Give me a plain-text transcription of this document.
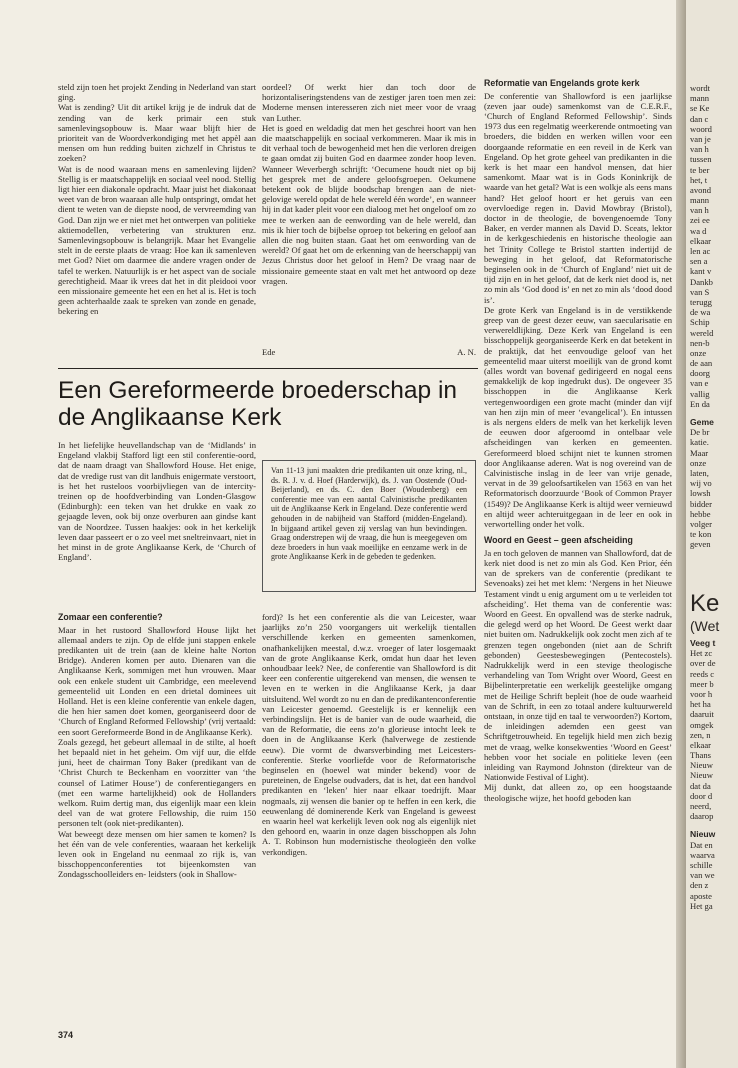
steld zijn toen het projekt Zending in Nederland van start ging.

Wat is zending? Uit dit artikel krijg je de indruk dat de zending van de kerk primair een stuk samenlevingsopbouw is. Maar waar blijft hier de prioriteit van de Woordverkondiging met het appèl aan mensen om hun redding buiten zichzelf in Christus te zoeken?

Wat is de nood waaraan mens en samenleving lijden? Stellig is er maatschappelijk en sociaal veel nood. Stellig ligt hier een diakonale opdracht. Maar juist het diakonaat weet van de bron waaraan alle hulp ontspringt, omdat het dient te weten van de diepste nood, de vervreemding van God. Dan zijn we er niet met het ontwerpen van politieke aktiemodellen, verbetering van strukturen enz. Samenlevingsopbouw is belangrijk. Maar het Evangelie stelt in de eerste plaats de vraag: Hoe kan ik samenleven met God? Niet om daarmee die andere vragen onder de tafel te werken. Natuurlijk is er het aspect van de sociale gerechtigheid. Maar ik vrees dat het in dit pleidooi voor een missionaire gemeente het een en het al is. Het is toch geen achterhaalde zaak te spreken van zonde en genade, bekering en

oordeel? Of werkt hier dan toch door de horizontaliseringstendens van de zestiger jaren toen men zei: Moderne mensen interesseren zich niet meer voor de vraag van Luther.

Het is goed en weldadig dat men het geschrei hoort van hen die maatschappelijk en sociaal verkommeren. Maar ik mis in dit verhaal toch de bewogenheid met hen die verloren dreigen te gaan omdat zij buiten God en daarmee zonder hoop leven. Wanneer Weverbergh schrijft: ‘Oecumene houdt niet op bij het gesprek met de andere geloofsgroepen. Oekumene betekent ook de blijde boodschap brengen aan de niet-gelovige wereld opdat de hele wereld één worde’, en wanneer hij in dat kader pleit voor een dialoog met het ongeloof om zo mee te werken aan de eenwording van de hele wereld, dan mis ik hier toch de bijbelse oproep tot bekering en geloof aan allen die nog buiten staan. Gaat het om eenwording van de wereld? Of gaat het om de erkenning van de heerschappij van Jezus Christus door het geloof in Hem? De vraag naar de missionaire gemeente staat en valt met het antwoord op deze vragen.

Ede	A. N.
Een Gereformeerde broederschap in de Anglikaanse Kerk

In het liefelijke heuvellandschap van de ‘Midlands’ in Engeland vlakbij Stafford ligt een stil conferentie-oord, dat de naam draagt van Shallowford House. Het enige, dat de vredige rust van dit landhuis enigermate verstoort, is het het rusteloos voorbijvliegen van de intercity-treinen op de hoofdverbinding van Londen-Glasgow (Edinburgh): een teken van het drukke en vaak zo gejaagde leven, ook bij onze overburen aan gindse kant van de Noordzee. Tussen haakjes: ook in het kerkelijk leven daar passeert er o zo veel met sneltreinvaart, niet in het minst in de grote Anglikaanse Kerk, de ‘Church of England’.

Van 11-13 juni maakten drie predikanten uit onze kring, nl., ds. R. J. v. d. Hoef (Harderwijk), ds. J. van Oostende (Oud-Beijerland), en ds. C. den Boer (Woudenberg) een conferentie mee van een aantal Calvinistische predikanten uit de Anglikaanse Kerk in Engeland. Deze conferentie werd gehouden in de nabijheid van Stafford (midden-Engeland). In bijgaand artikel geven zij verslag van hun bevindingen. Graag onderstrepen wij de vraag, die hun is meegegeven om deze broeders in hun vaak moeilijke en eenzame werk in de grote Anglikaanse Kerk in de gebeden te gedenken.
Zomaar een conferentie?

Maar in het rustoord Shallowford House lijkt het allemaal anders te zijn. Op de elfde juni stappen enkele predikanten uit de trein (aan de kleine halte Norton Bridge). Anderen komen per auto. Dienaren van die Anglikaanse Kerk, sommigen met hun vrouwen. Maar ook een enkele student uit Cambridge, een meelevend gemeentelid uit Londen en een drietal dominees uit Holland. Het is een kleine conferentie van enkele dagen, die hen hier samen doet komen, georganiseerd door de ‘Church of England Reformed Fellowship’ (vrij vertaald: een soort Gereformeerde Bond in de Anglikaanse Kerk).

Zoals gezegd, het gebeurt allemaal in de stilte, al hoeft het bepaald niet in het geheim. Om vijf uur, die elfde juni, heet de chairman Tony Baker (predikant van de ‘Christ Church te Beckenham en voorzitter van ‘the counsel of Latimer House’) de conferentiegangers en (met een warme hartelijkheid) ook de Hollanders welkom. Ruim dertig man, dus eigenlijk maar een klein deel van de wat grotere Fellowship, die ruim 150 personen telt (ook niet-predikanten).

Wat beweegt deze mensen om hier samen te komen? Is het één van de vele conferenties, waaraan het kerkelijk leven ook in Engeland nu eenmaal zo rijk is, van bisschoppenconferenties tot bijeenkomsten van Zondagsschoolleiders en- leidsters (ook in Shallow-

ford)? Is het een conferentie als die van Leicester, waar jaarlijks zo’n 250 voorgangers uit werkelijk tientallen verschillende kerken en gemeenten samenkomen, onafhankelijken meestal, d.w.z. vroeger of later losgemaakt van de grote Anglikaanse Kerk, omdat hun daar het leven onhoudbaar leek? Nee, de conferentie van Shallowford is dit keer een conferentie uitgerekend van mensen, die wensen te leven en te werken in die Anglikaanse Kerk, ja daar uitsluitend. Wel wordt zo nu en dan de predikantenconferentie van Leicester genoemd. Geestelijk is er kennelijk een verbindingslijn. Het is de banier van de oude waarheid, die van de Reformatie, die eens zo’n glorieuse intocht leek te doen in de Anglikaanse Kerk (halverwege de zestiende eeuw). Die vormt de dwarsverbinding met Leicesters-conferentie. Sterke voorliefde voor de Reformatorische beginselen en (hoewel wat minder bekend) voor de pureteinen, de Engelse oudvaders, dat is het, dat een handvol predikanten en ‘leken’ hier naar elkaar toedrijft. Maar nogmaals, zij wensen die banier op te heffen in een kerk, die eeuwenlang dé dominerende Kerk van Engeland is geweest en waarin heel wat kerkelijk leven ook nog als eigenlijk niet den gehoord en, waarin in onze dagen bisschoppen als John A. T. Robinson hun modernistische theologieën den volke verkondigen.

Reformatie van Engelands grote kerk

De conferentie van Shallowford is een jaarlijkse (zeven jaar oude) samenkomst van de C.E.R.F., ‘Church of England Reformed Fellowship’. Sinds 1973 dus een regelmatig weerkerende ontmoeting van broeders, die bidden en werken willen voor een doorgaande reformatie en een reveil in de Kerk van Engeland. Op het grote geheel van predikanten in die kerk is het maar een handvol mensen, dat hier samenkomt. Maar wat is in Gods Koninkrijk de waarde van het getal? Wat is een wolkje als eens mans hand? Het geloof hoort er het geruis van een overvloedige regen in. David Mowbray (Bristol), doctor in de theologie, de bovengenoemde Tony Baker, en verder mannen als David D. Sceats, lektor in de kerkgeschiedenis en historische theologie aan het Trinity College te Bristol startten indertijd de beweging in het geloof, dat Reformatorische beginselen ook in de ‘Church of England’ niet uit de tijd zijn en in het geloof, dat de kerk niet dood is, net zo min als ‘God dood is’ en net zo min als ‘dood dood is’.

De grote Kerk van Engeland is in de verstikkende greep van de geest dezer eeuw, van saecularisatie en verwereldlijking. Deze Kerk van Engeland is een bisschoppelijk georganiseerde Kerk en dat betekent in de praktijk, dat het eenvoudige geloof van het gemeentelid maar uiterst moeilijk van de grond komt (alles wordt van bovenaf gedirigeerd en nogal eens gemakkelijk de kop ingedrukt dus). De ongeveer 35 bisschoppen in die Anglikaanse Kerk vertegenwoordigen een grote macht (minder dan vijf van hen zijn min of meer ‘evangelical’). En intussen is als nergens elders de melk van het kerkelijk leven de eeuwen door afgeroomd in ontelbaar vele afscheidingen van kerken en gemeenten. Gereformeerd bloed schijnt niet te kunnen stromen door Anglikaanse aderen. Wat is nog overeind van de Calvinistische inslag in de leer van vrije genade, vervat in de 39 geloofsartikelen van 1563 en van het Reformatorisch doorzuurde ‘Book of Common Prayer (1549)? De Anglikaanse Kerk is altijd weer vernieuwd en altijd weer achteruitgegaan in de leer en ook in verwortelling onder het volk.

Woord en Geest – geen afscheiding

Ja en toch geloven de mannen van Shallowford, dat de kerk niet dood is net zo min als God. Ken Prior, één van de sprekers van de conferentie (predikant te Sevenoaks) zei het met klem: ‘Nergens in het Nieuwe Testament vindt u enig argument om u te verleiden tot afscheiding’. Het thema van de conferentie was: Woord en Geest. En opvallend was de sterke nadruk, die gelegd werd op het Woord. De Geest werkt daar niet buiten om. Nadrukkelijk ook zocht men zich af te grenzen tegen ongebonden (niet aan de Schrift gebonden) Geestesbewegingen (Pentecostels). Nadrukkelijk werd in een stevige theologische verhandeling van Tom Wright over Woord, Geest en Bijbelinterpretatie een werkelijk geestelijke omgang met de Heilige Schrift bepleit (hoe de oude waarheid van de Schrift, in een zo totaal andere kultuurwereld ontstaan, in onze tijd en taal te verwoorden?) Kortom, de inleidingen ademden een geest van Schriftgetrouwheid. En tegelijk hield men zich bezig met de vraag, welke konsekwenties ‘Woord en Geest’ hebben voor het sociale en politieke leven (een inleiding van Raymond Johnston (direkteur van de Nationwide Festival of Light).

Mij dunkt, dat alleen zo, op een hoogstaande theologische wijze, het hoofd geboden kan

374
wordt
mann
se Ke
dan c
woord
van je
van h
tussen
te ber
het, t
avond
mann
van h
zei ee
wa d
elkaar
len ac
sen a
kant v
Dankb
van S
terugg
de wa
Schip
wereld
nen-b
onze
de aan
doorg
van e
vallig
En da
Geme
De br
katie.
Maar
onze
laten,
wij vo
lowsh
bidder
hebbe
volger
te kon
geven
Ke
(Wet
Veeg t
Het zc
over de
reeds c
meer b
voor h
het ha
daaruit
omgek
zen, n
elkaar
Thans
Nieuw
Nieuw
dat da
door d
neerd,
daarop
Nieuw
Dat en
waarva
schille
van we
den z
aposte
Het ga
